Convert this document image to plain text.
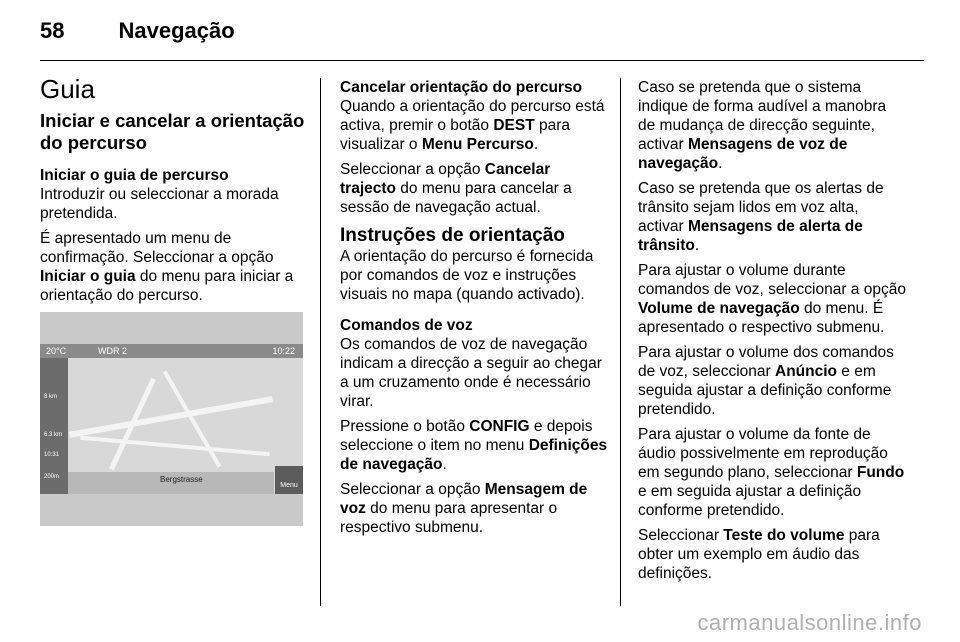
58 Navegação
Guia
Iniciar e cancelar a orientação do percurso
Iniciar o guia de percurso

Introduzir ou seleccionar a morada pretendida.

É apresentado um menu de confirmação. Seleccionar a opção Iniciar o guia do menu para iniciar a orientação do percurso.

20°C	WDR 2	10:22
8 km
6.3 km
10:31
200m	Bergstrasse
Menu
Cancelar orientação do percurso

Quando a orientação do percurso está activa, premir o botão DEST para visualizar o Menu Percurso.

Seleccionar a opção Cancelar trajecto do menu para cancelar a sessão de navegação actual.

Instruções de orientação

A orientação do percurso é fornecida por comandos de voz e instruções visuais no mapa (quando activado).

Comandos de voz

Os comandos de voz de navegação indicam a direcção a seguir ao chegar a um cruzamento onde é necessário virar.

Pressione o botão CONFIG e depois seleccione o item no menu Definições de navegação.

Seleccionar a opção Mensagem de voz do menu para apresentar o respectivo submenu.

Caso se pretenda que o sistema indique de forma audível a manobra de mudança de direcção seguinte, activar Mensagens de voz de navegação.

Caso se pretenda que os alertas de trânsito sejam lidos em voz alta, activar Mensagens de alerta de trânsito.

Para ajustar o volume durante comandos de voz, seleccionar a opção Volume de navegação do menu. É apresentado o respectivo submenu.

Para ajustar o volume dos comandos de voz, seleccionar Anúncio e em seguida ajustar a definição conforme pretendido.

Para ajustar o volume da fonte de áudio possivelmente em reprodução em segundo plano, seleccionar Fundo e em seguida ajustar a definição conforme pretendido.

Seleccionar Teste do volume para obter um exemplo em áudio das definições.

carmanualsonline.info
